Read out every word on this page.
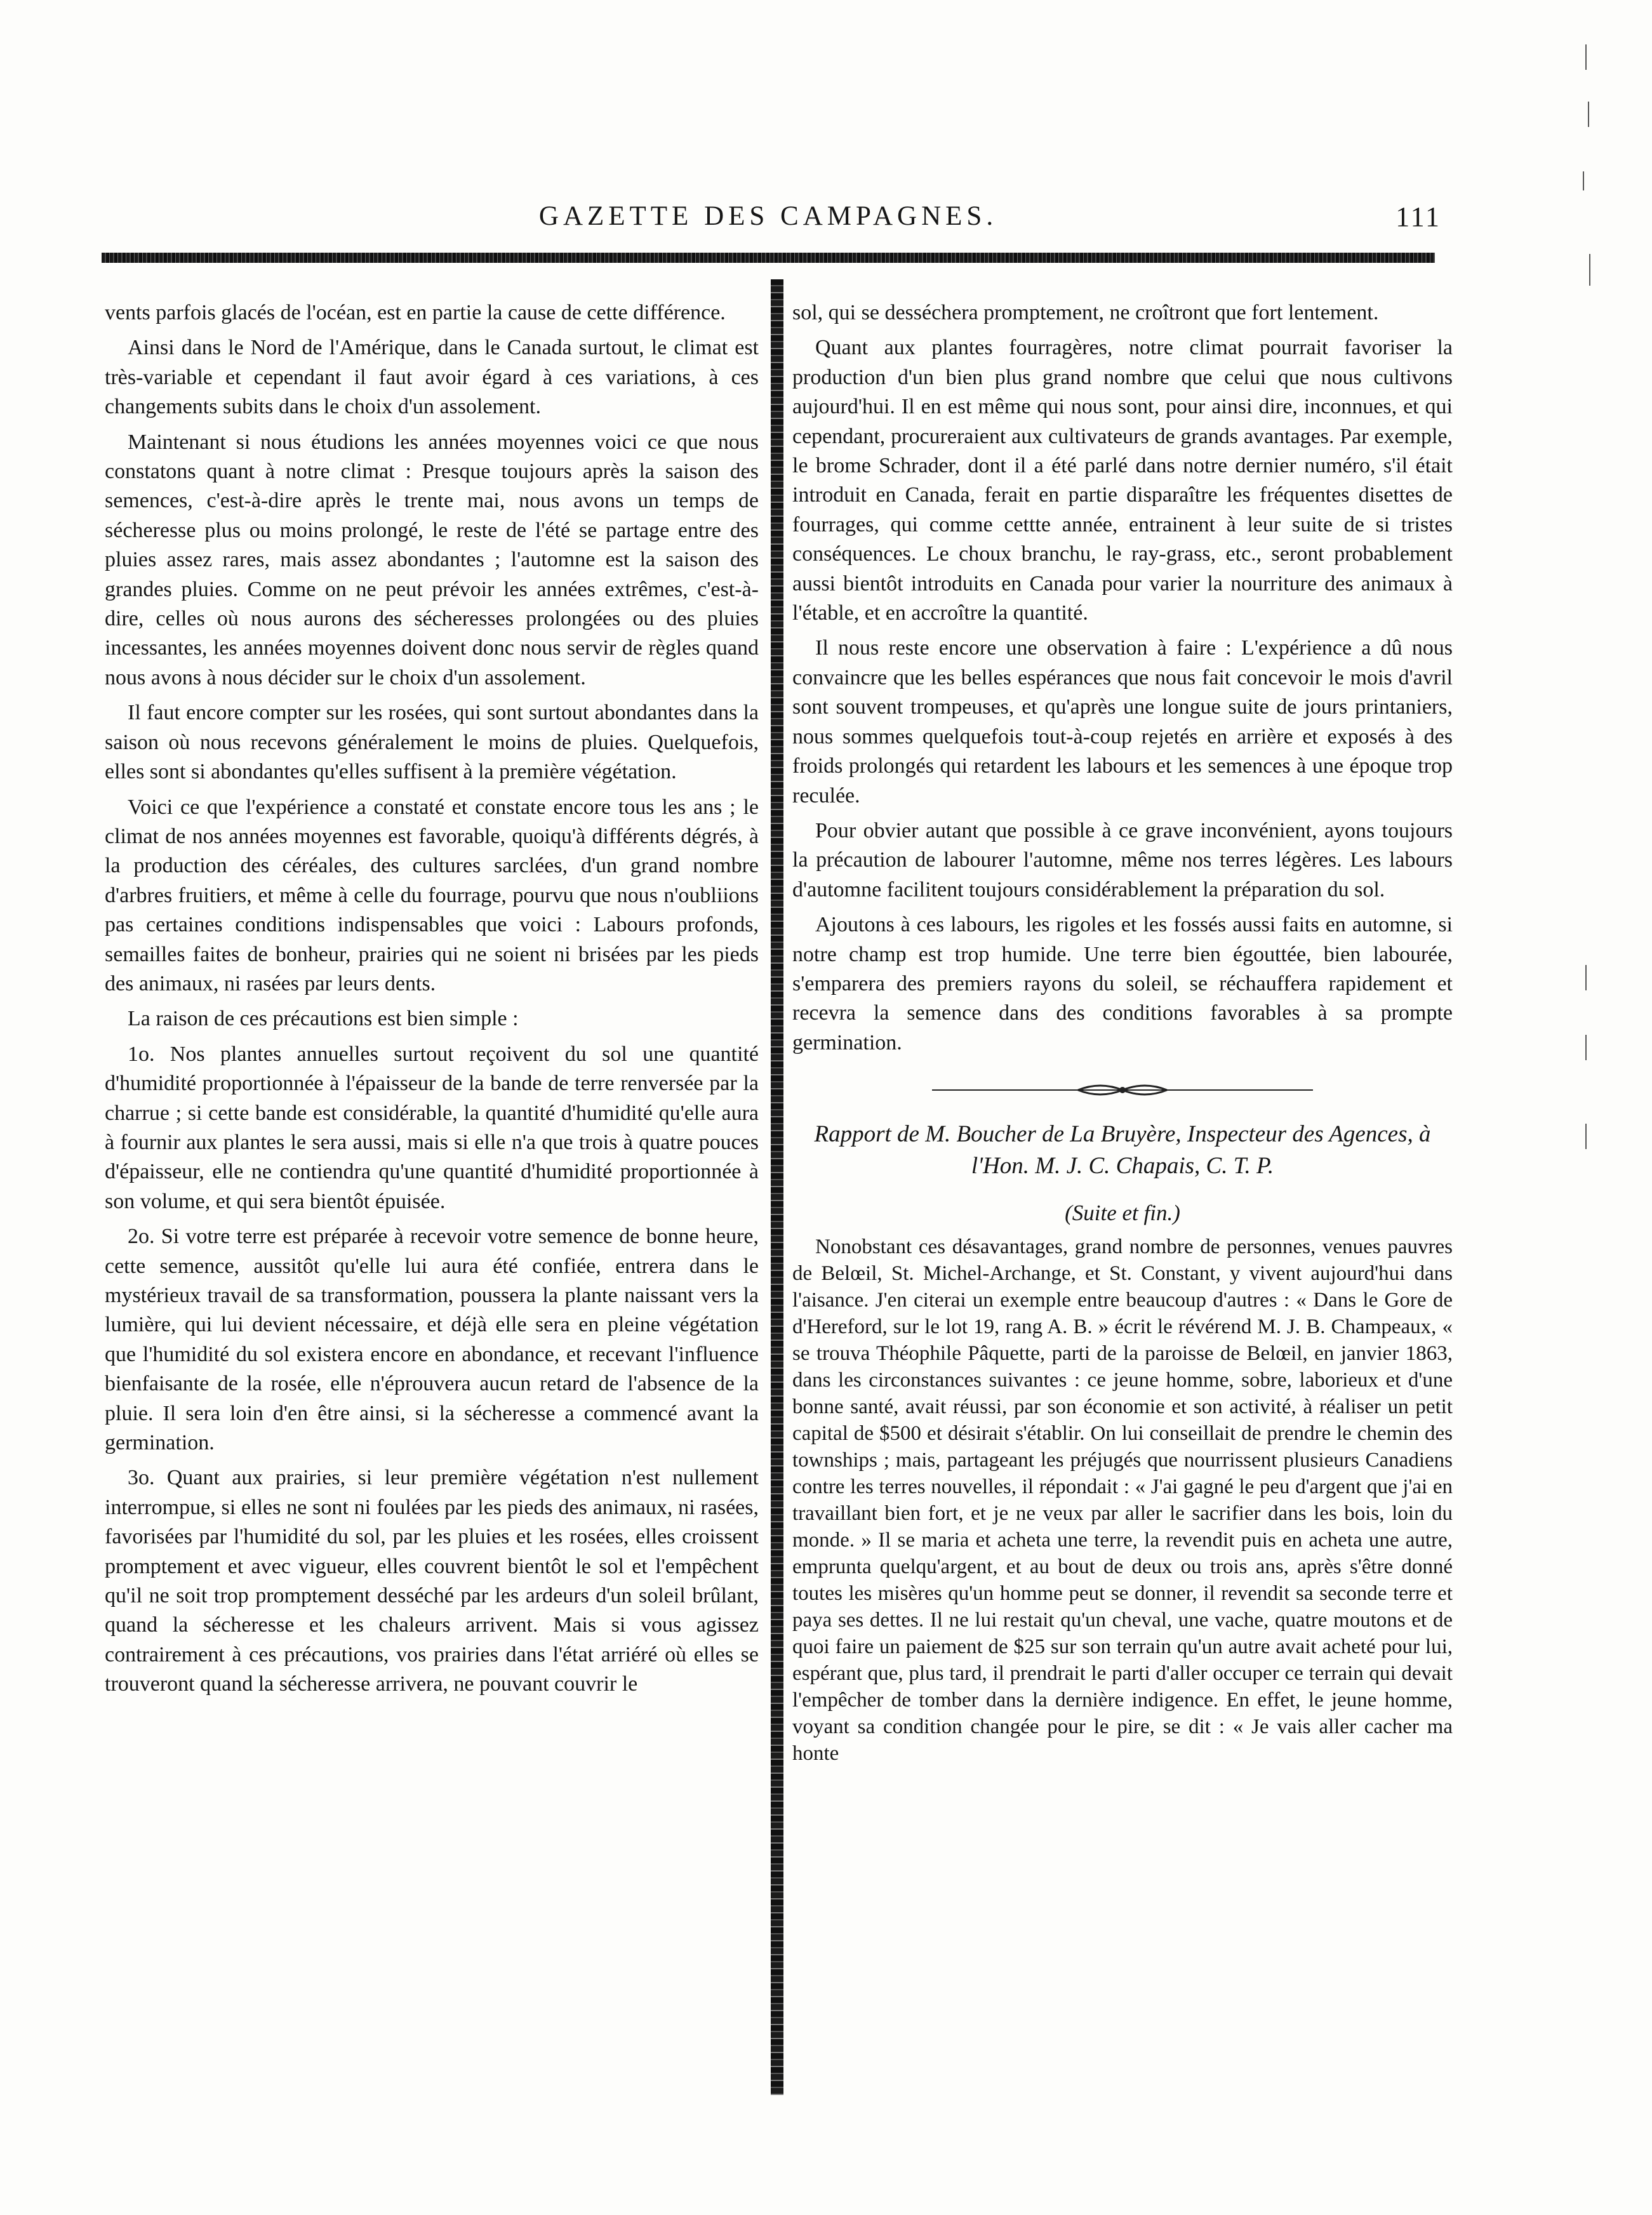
GAZETTE DES CAMPAGNES.	111

vents parfois glacés de l'océan, est en partie la cause de cette différence.

Ainsi dans le Nord de l'Amérique, dans le Canada surtout, le climat est très-variable et cependant il faut avoir égard à ces variations, à ces changements subits dans le choix d'un assolement.

Maintenant si nous étudions les années moyennes voici ce que nous constatons quant à notre climat : Presque toujours après la saison des semences, c'est-à-dire après le trente mai, nous avons un temps de sécheresse plus ou moins prolongé, le reste de l'été se partage entre des pluies assez rares, mais assez abondantes ; l'automne est la saison des grandes pluies. Comme on ne peut prévoir les années extrêmes, c'est-à-dire, celles où nous aurons des sécheresses prolongées ou des pluies incessantes, les années moyennes doivent donc nous servir de règles quand nous avons à nous décider sur le choix d'un assolement.

Il faut encore compter sur les rosées, qui sont surtout abondantes dans la saison où nous recevons généralement le moins de pluies. Quelquefois, elles sont si abondantes qu'elles suffisent à la première végétation.

Voici ce que l'expérience a constaté et constate encore tous les ans ; le climat de nos années moyennes est favorable, quoiqu'à différents dégrés, à la production des céréales, des cultures sarclées, d'un grand nombre d'arbres fruitiers, et même à celle du fourrage, pourvu que nous n'oubliions pas certaines conditions indispensables que voici : Labours profonds, semailles faites de bonheur, prairies qui ne soient ni brisées par les pieds des animaux, ni rasées par leurs dents.

La raison de ces précautions est bien simple :

1o. Nos plantes annuelles surtout reçoivent du sol une quantité d'humidité proportionnée à l'épaisseur de la bande de terre renversée par la charrue ; si cette bande est considérable, la quantité d'humidité qu'elle aura à fournir aux plantes le sera aussi, mais si elle n'a que trois à quatre pouces d'épaisseur, elle ne contiendra qu'une quantité d'humidité proportionnée à son volume, et qui sera bientôt épuisée.

2o. Si votre terre est préparée à recevoir votre semence de bonne heure, cette semence, aussitôt qu'elle lui aura été confiée, entrera dans le mystérieux travail de sa transformation, poussera la plante naissant vers la lumière, qui lui devient nécessaire, et déjà elle sera en pleine végétation que l'humidité du sol existera encore en abondance, et recevant l'influence bienfaisante de la rosée, elle n'éprouvera aucun retard de l'absence de la pluie. Il sera loin d'en être ainsi, si la sécheresse a commencé avant la germination.

3o. Quant aux prairies, si leur première végétation n'est nullement interrompue, si elles ne sont ni foulées par les pieds des animaux, ni rasées, favorisées par l'humidité du sol, par les pluies et les rosées, elles croissent promptement et avec vigueur, elles couvrent bientôt le sol et l'empêchent qu'il ne soit trop promptement desséché par les ardeurs d'un soleil brûlant, quand la sécheresse et les chaleurs arrivent. Mais si vous agissez contrairement à ces précautions, vos prairies dans l'état arriéré où elles se trouveront quand la sécheresse arrivera, ne pouvant couvrir le

sol, qui se desséchera promptement, ne croîtront que fort lentement.

Quant aux plantes fourragères, notre climat pourrait favoriser la production d'un bien plus grand nombre que celui que nous cultivons aujourd'hui. Il en est même qui nous sont, pour ainsi dire, inconnues, et qui cependant, procureraient aux cultivateurs de grands avantages. Par exemple, le brome Schrader, dont il a été parlé dans notre dernier numéro, s'il était introduit en Canada, ferait en partie disparaître les fréquentes disettes de fourrages, qui comme cettte année, entrainent à leur suite de si tristes conséquences. Le choux branchu, le ray-grass, etc., seront probablement aussi bientôt introduits en Canada pour varier la nourriture des animaux à l'étable, et en accroître la quantité.

Il nous reste encore une observation à faire : L'expérience a dû nous convaincre que les belles espérances que nous fait concevoir le mois d'avril sont souvent trompeuses, et qu'après une longue suite de jours printaniers, nous sommes quelquefois tout-à-coup rejetés en arrière et exposés à des froids prolongés qui retardent les labours et les semences à une époque trop reculée.

Pour obvier autant que possible à ce grave inconvénient, ayons toujours la précaution de labourer l'automne, même nos terres légères. Les labours d'automne facilitent toujours considérablement la préparation du sol.

Ajoutons à ces labours, les rigoles et les fossés aussi faits en automne, si notre champ est trop humide. Une terre bien égouttée, bien labourée, s'emparera des premiers rayons du soleil, se réchauffera rapidement et recevra la semence dans des conditions favorables à sa prompte germination.

Rapport de M. Boucher de La Bruyère, Inspecteur des Agences, à l'Hon. M. J. C. Chapais, C. T. P.
(Suite et fin.)

Nonobstant ces désavantages, grand nombre de personnes, venues pauvres de Belœil, St. Michel-Archange, et St. Constant, y vivent aujourd'hui dans l'aisance. J'en citerai un exemple entre beaucoup d'autres : « Dans le Gore de d'Hereford, sur le lot 19, rang A. B. » écrit le révérend M. J. B. Champeaux, « se trouva Théophile Pâquette, parti de la paroisse de Belœil, en janvier 1863, dans les circonstances suivantes : ce jeune homme, sobre, laborieux et d'une bonne santé, avait réussi, par son économie et son activité, à réaliser un petit capital de $500 et désirait s'établir. On lui conseillait de prendre le chemin des townships ; mais, partageant les préjugés que nourrissent plusieurs Canadiens contre les terres nouvelles, il répondait : « J'ai gagné le peu d'argent que j'ai en travaillant bien fort, et je ne veux par aller le sacrifier dans les bois, loin du monde. » Il se maria et acheta une terre, la revendit puis en acheta une autre, emprunta quelqu'argent, et au bout de deux ou trois ans, après s'être donné toutes les misères qu'un homme peut se donner, il revendit sa seconde terre et paya ses dettes. Il ne lui restait qu'un cheval, une vache, quatre moutons et de quoi faire un paiement de $25 sur son terrain qu'un autre avait acheté pour lui, espérant que, plus tard, il prendrait le parti d'aller occuper ce terrain qui devait l'empêcher de tomber dans la dernière indigence. En effet, le jeune homme, voyant sa condition changée pour le pire, se dit : « Je vais aller cacher ma honte
